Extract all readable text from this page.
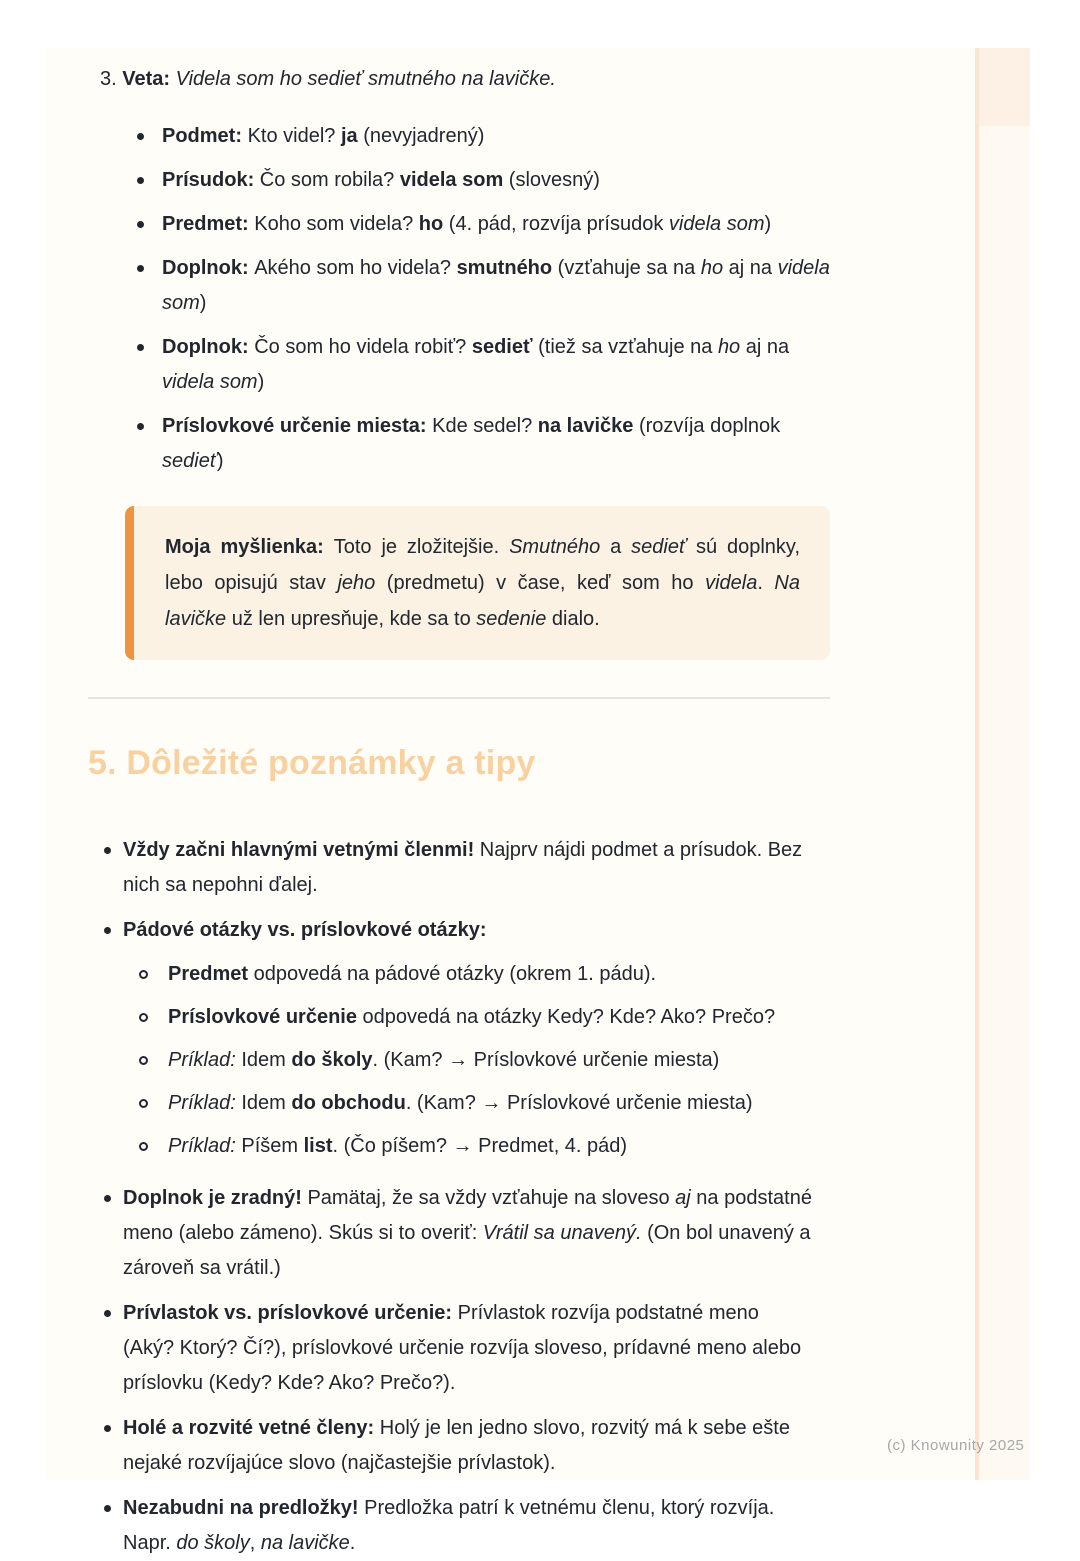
3. Veta: Videla som ho sedieť smutného na lavičke.

Podmet: Kto videl? ja (nevyjadrený)
Prísudok: Čo som robila? videla som (slovesný)
Predmet: Koho som videla? ho (4. pád, rozvíja prísudok videla som)
Doplnok: Akého som ho videla? smutného (vzťahuje sa na ho aj na videla som)
Doplnok: Čo som ho videla robiť? sedieť (tiež sa vzťahuje na ho aj na videla som)
Príslovkové určenie miesta: Kde sedel? na lavičke (rozvíja doplnok sedieť)

Moja myšlienka: Toto je zložitejšie. Smutného a sedieť sú doplnky, lebo opisujú stav jeho (predmetu) v čase, keď som ho videla. Na lavičke už len upresňuje, kde sa to sedenie dialo.

5. Dôležité poznámky a tipy
Vždy začni hlavnými vetnými členmi! Najprv nájdi podmet a prísudok. Bez nich sa nepohni ďalej.
Pádové otázky vs. príslovkové otázky:
Predmet odpovedá na pádové otázky (okrem 1. pádu).
Príslovkové určenie odpovedá na otázky Kedy? Kde? Ako? Prečo?
Príklad: Idem do školy. (Kam? → Príslovkové určenie miesta)
Príklad: Idem do obchodu. (Kam? → Príslovkové určenie miesta)
Príklad: Píšem list. (Čo píšem? → Predmet, 4. pád)
Doplnok je zradný! Pamätaj, že sa vždy vzťahuje na sloveso aj na podstatné meno (alebo zámeno). Skús si to overiť: Vrátil sa unavený. (On bol unavený a zároveň sa vrátil.)
Prívlastok vs. príslovkové určenie: Prívlastok rozvíja podstatné meno (Aký? Ktorý? Čí?), príslovkové určenie rozvíja sloveso, prídavné meno alebo príslovku (Kedy? Kde? Ako? Prečo?).
Holé a rozvité vetné členy: Holý je len jedno slovo, rozvitý má k sebe ešte nejaké rozvíjajúce slovo (najčastejšie prívlastok).
Nezabudni na predložky! Predložka patrí k vetnému členu, ktorý rozvíja. Napr. do školy, na lavičke.
(c) Knowunity 2025
